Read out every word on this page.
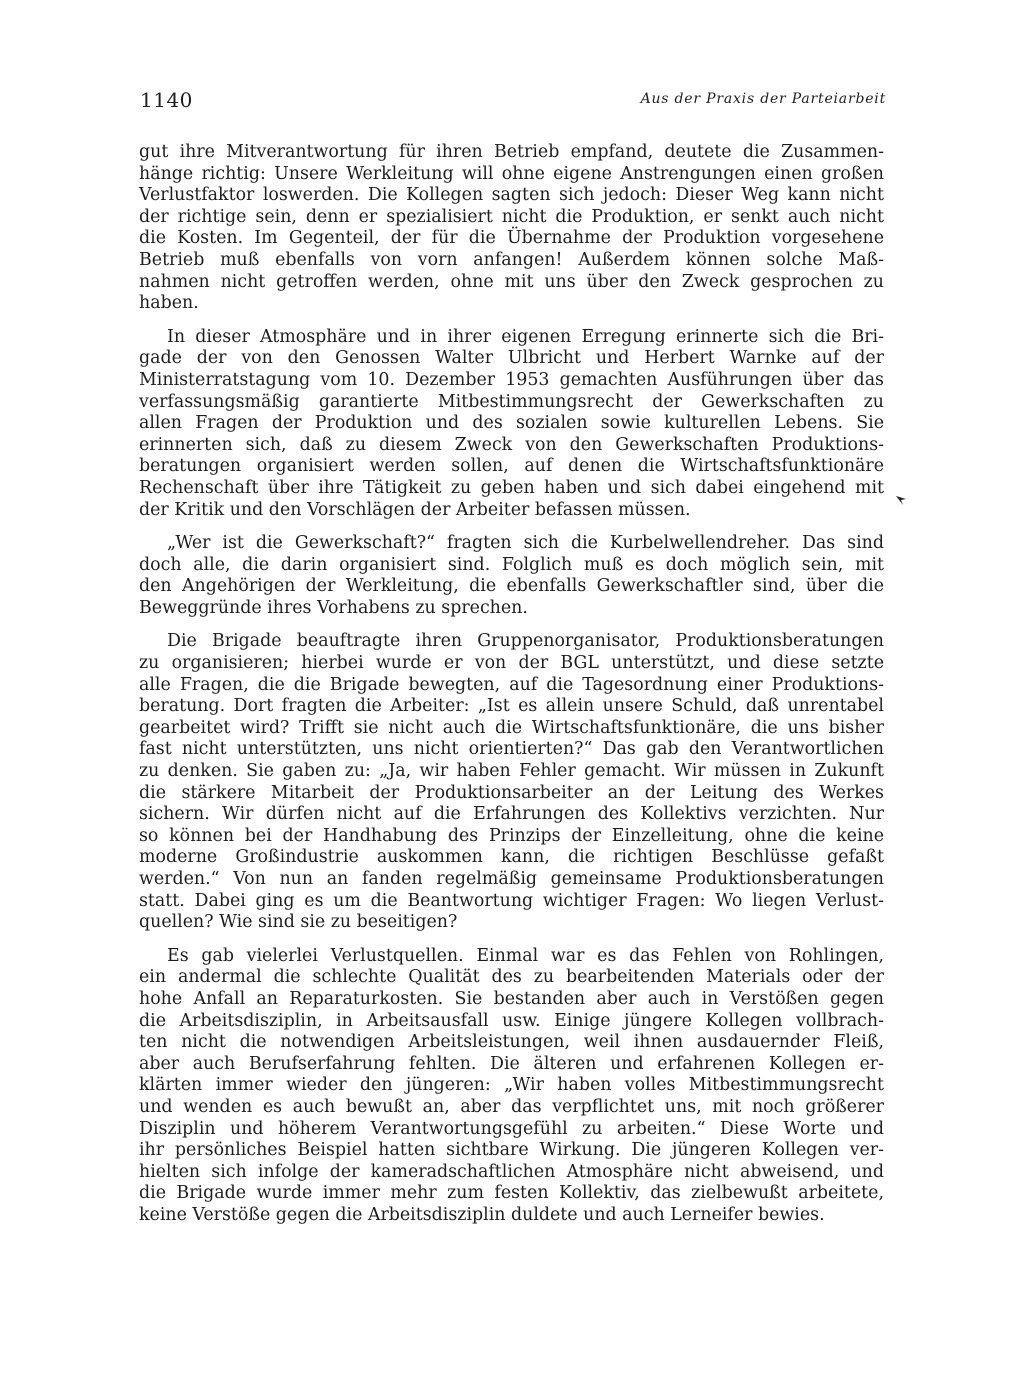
1140	Aus der Praxis der Parteiarbeit

gut ihre Mitverantwortung für ihren Betrieb empfand, deutete die Zusammen-
hänge richtig: Unsere Werkleitung will ohne eigene Anstrengungen einen großen
Verlustfaktor loswerden. Die Kollegen sagten sich jedoch: Dieser Weg kann nicht
der richtige sein, denn er spezialisiert nicht die Produktion, er senkt auch nicht
die Kosten. Im Gegenteil, der für die Übernahme der Produktion vorgesehene
Betrieb muß ebenfalls von vorn anfangen! Außerdem können solche Maß-
nahmen nicht getroffen werden, ohne mit uns über den Zweck gesprochen zu
haben.

In dieser Atmosphäre und in ihrer eigenen Erregung erinnerte sich die Bri-
gade der von den Genossen Walter Ulbricht und Herbert Warnke auf der
Ministerratstagung vom 10. Dezember 1953 gemachten Ausführungen über das
verfassungsmäßig garantierte Mitbestimmungsrecht der Gewerkschaften zu
allen Fragen der Produktion und des sozialen sowie kulturellen Lebens. Sie
erinnerten sich, daß zu diesem Zweck von den Gewerkschaften Produktions-
beratungen organisiert werden sollen, auf denen die Wirtschaftsfunktionäre
Rechenschaft über ihre Tätigkeit zu geben haben und sich dabei eingehend mit
der Kritik und den Vorschlägen der Arbeiter befassen müssen.

„Wer ist die Gewerkschaft?“ fragten sich die Kurbelwellendreher. Das sind
doch alle, die darin organisiert sind. Folglich muß es doch möglich sein, mit
den Angehörigen der Werkleitung, die ebenfalls Gewerkschaftler sind, über die
Beweggründe ihres Vorhabens zu sprechen.

Die Brigade beauftragte ihren Gruppenorganisator, Produktionsberatungen
zu organisieren; hierbei wurde er von der BGL unterstützt, und diese setzte
alle Fragen, die die Brigade bewegten, auf die Tagesordnung einer Produktions-
beratung. Dort fragten die Arbeiter: „Ist es allein unsere Schuld, daß unrentabel
gearbeitet wird? Trifft sie nicht auch die Wirtschaftsfunktionäre, die uns bisher
fast nicht unterstützten, uns nicht orientierten?“ Das gab den Verantwortlichen
zu denken. Sie gaben zu: „Ja, wir haben Fehler gemacht. Wir müssen in Zukunft
die stärkere Mitarbeit der Produktionsarbeiter an der Leitung des Werkes
sichern. Wir dürfen nicht auf die Erfahrungen des Kollektivs verzichten. Nur
so können bei der Handhabung des Prinzips der Einzelleitung, ohne die keine
moderne Großindustrie auskommen kann, die richtigen Beschlüsse gefaßt
werden.“ Von nun an fanden regelmäßig gemeinsame Produktionsberatungen
statt. Dabei ging es um die Beantwortung wichtiger Fragen: Wo liegen Verlust-
quellen? Wie sind sie zu beseitigen?

Es gab vielerlei Verlustquellen. Einmal war es das Fehlen von Rohlingen,
ein andermal die schlechte Qualität des zu bearbeitenden Materials oder der
hohe Anfall an Reparaturkosten. Sie bestanden aber auch in Verstößen gegen
die Arbeitsdisziplin, in Arbeitsausfall usw. Einige jüngere Kollegen vollbrach-
ten nicht die notwendigen Arbeitsleistungen, weil ihnen ausdauernder Fleiß,
aber auch Berufserfahrung fehlten. Die älteren und erfahrenen Kollegen er-
klärten immer wieder den jüngeren: „Wir haben volles Mitbestimmungsrecht
und wenden es auch bewußt an, aber das verpflichtet uns, mit noch größerer
Disziplin und höherem Verantwortungsgefühl zu arbeiten.“ Diese Worte und
ihr persönliches Beispiel hatten sichtbare Wirkung. Die jüngeren Kollegen ver-
hielten sich infolge der kameradschaftlichen Atmosphäre nicht abweisend, und
die Brigade wurde immer mehr zum festen Kollektiv, das zielbewußt arbeitete,
keine Verstöße gegen die Arbeitsdisziplin duldete und auch Lerneifer bewies.
